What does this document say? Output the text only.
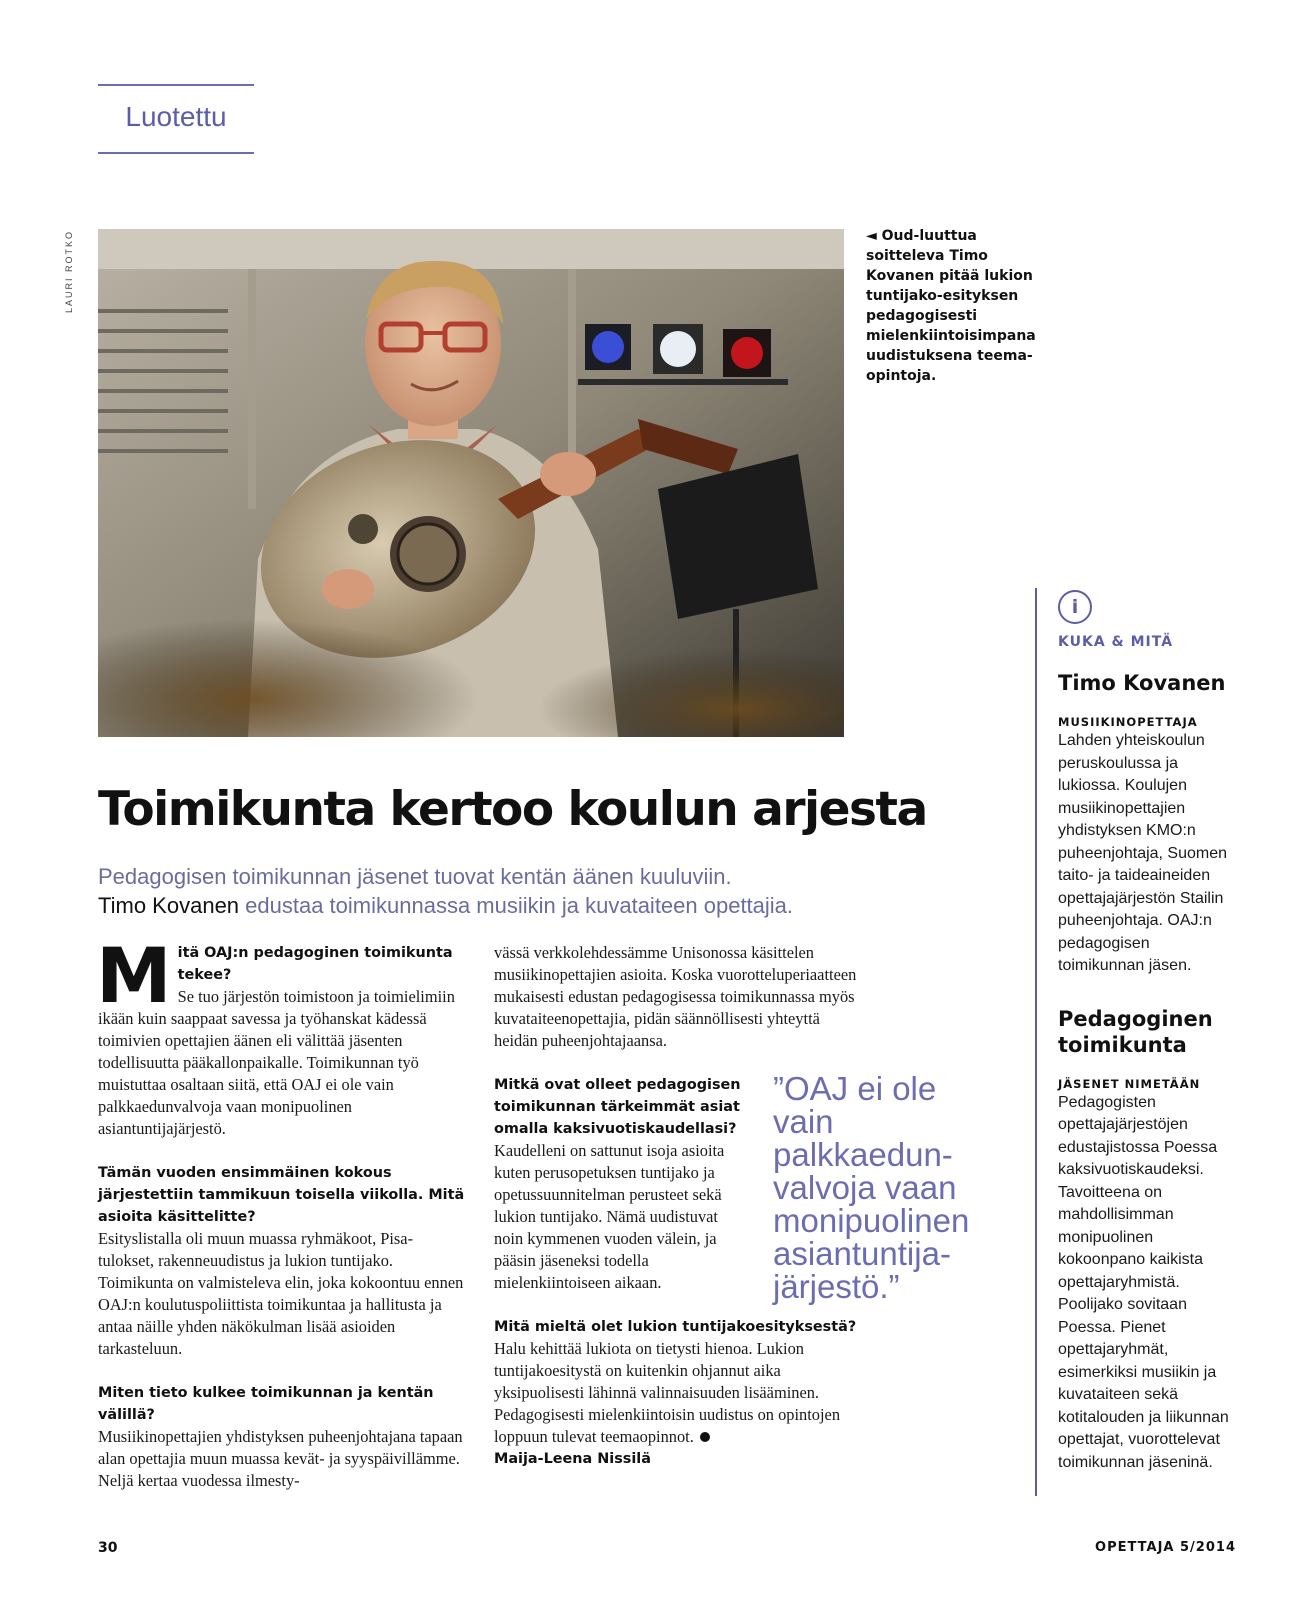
Luotettu
LAURI ROTKO	◄ Oud-luuttua soitteleva Timo Kovanen pitää lukion tuntijako-esityksen pedagogisesti mielenkiintoisimpana uudistuksena teema-opintoja.
Toimikunta kertoo koulun arjesta
Pedagogisen toimikunnan jäsenet tuovat kentän äänen kuuluviin.
Timo Kovanen edustaa toimikunnassa musiikin ja kuvataiteen opettajia.
M itä OAJ:n pedagoginen toimikunta tekee?
Se tuo järjestön toimistoon ja toimielimiin ikään kuin saappaat savessa ja työhanskat kädessä toimivien opettajien äänen eli välittää jäsenten todellisuutta pääkallonpaikalle. Toimikunnan työ muistuttaa osaltaan siitä, että OAJ ei ole vain palkkaedunvalvoja vaan monipuolinen asiantuntijajärjestö.
Tämän vuoden ensimmäinen kokous järjestettiin tammikuun toisella viikolla. Mitä asioita käsittelitte?
Esityslistalla oli muun muassa ryhmäkoot, Pisa-tulokset, rakenneuudistus ja lukion tuntijako. Toimikunta on valmisteleva elin, joka kokoontuu ennen OAJ:n koulutuspoliittista toimikuntaa ja hallitusta ja antaa näille yhden näkökulman lisää asioiden tarkasteluun.
Miten tieto kulkee toimikunnan ja kentän välillä?
Musiikinopettajien yhdistyksen puheenjohtajana tapaan alan opettajia muun muassa kevät- ja syyspäivillämme. Neljä kertaa vuodessa ilmesty-
vässä verkkolehdessämme Unisonossa käsittelen musiikinopettajien asioita. Koska vuorotteluperiaatteen mukaisesti edustan pedagogisessa toimikunnassa myös kuvataiteenopettajia, pidän säännöllisesti yhteyttä heidän puheenjohtajaansa.
Mitkä ovat olleet pedagogisen toimikunnan tärkeimmät asiat omalla kaksivuotiskaudellasi?
Kaudelleni on sattunut isoja asioita kuten perusopetuksen tuntijako ja opetussuunnitelman perusteet sekä lukion tuntijako. Nämä uudistuvat noin kymmenen vuoden välein, ja pääsin jäseneksi todella mielenkiintoiseen aikaan.
Mitä mieltä olet lukion tuntijakoesityksestä?
Halu kehittää lukiota on tietysti hienoa. Lukion tuntijakoesitystä on kuitenkin ohjannut aika yksipuolisesti lähinnä valinnaisuuden lisääminen. Pedagogisesti mielenkiintoisin uudistus on opintojen loppuun tulevat teemaopinnot.
Maija-Leena Nissilä
”OAJ ei ole vain palkkaedun-valvoja vaan monipuolinen asiantuntija-järjestö.”
i
KUKA & MITÄ
Timo Kovanen
MUSIIKINOPETTAJA
Lahden yhteiskoulun peruskoulussa ja lukiossa. Koulujen musiikinopettajien yhdistyksen KMO:n puheenjohtaja, Suomen taito- ja taideaineiden opettajajärjestön Stailin puheenjohtaja. OAJ:n pedagogisen toimikunnan jäsen.
Pedagoginen toimikunta
JÄSENET NIMETÄÄN
Pedagogisten opettajajärjestöjen edustajistossa Poessa kaksivuotiskaudeksi. Tavoitteena on mahdollisimman monipuolinen kokoonpano kaikista opettajaryhmistä. Poolijako sovitaan Poessa. Pienet opettajaryhmät, esimerkiksi musiikin ja kuvataiteen sekä kotitalouden ja liikunnan opettajat, vuorottelevat toimikunnan jäseninä.
30	OPETTAJA 5/2014
